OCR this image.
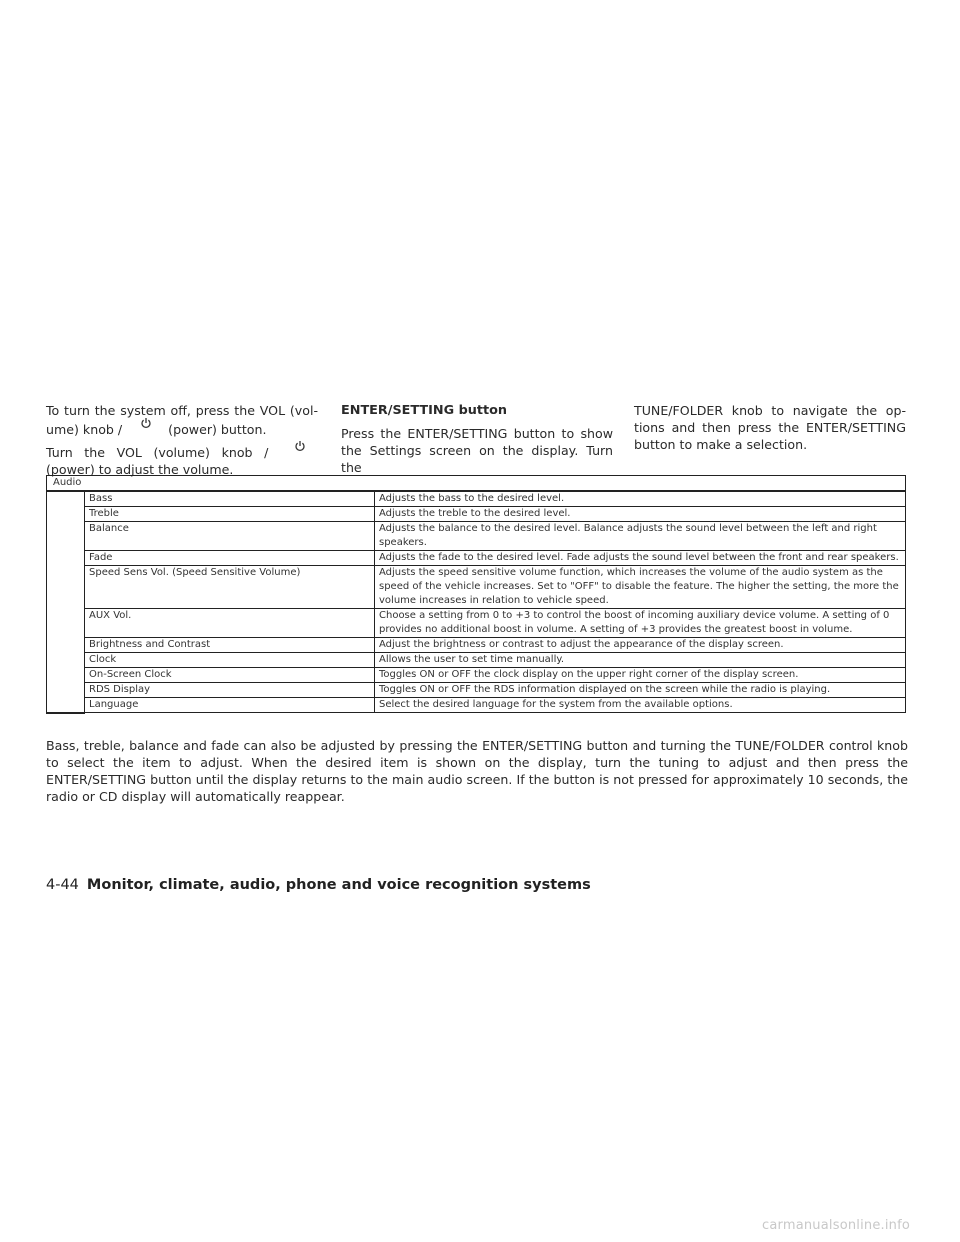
To turn the system off, press the VOL (vol- ume) knob /	(power) button.

Turn the VOL (volume) knob /
(power) to adjust the volume.

ENTER/SETTING button

Press the ENTER/SETTING button to show the Settings screen on the display. Turn the

TUNE/FOLDER knob to navigate the op- tions and then press the ENTER/SETTING button to make a selection.

Audio		
	Bass	Adjusts the bass to the desired level.
	Treble	Adjusts the treble to the desired level.
	Balance	Adjusts the balance to the desired level. Balance adjusts the sound level between the left and right speakers.
	Fade	Adjusts the fade to the desired level. Fade adjusts the sound level between the front and rear speakers.
	Speed Sens Vol. (Speed Sensitive Volume)	Adjusts the speed sensitive volume function, which increases the volume of the audio system as the speed of the vehicle increases. Set to "OFF" to disable the feature. The higher the setting, the more the volume increases in relation to vehicle speed.
	AUX Vol.	Choose a setting from 0 to +3 to control the boost of incoming auxiliary device volume. A setting of 0 provides no additional boost in volume. A setting of +3 provides the greatest boost in volume.
	Brightness and Contrast	Adjust the brightness or contrast to adjust the appearance of the display screen.
	Clock	Allows the user to set time manually.
	On-Screen Clock	Toggles ON or OFF the clock display on the upper right corner of the display screen.
	RDS Display	Toggles ON or OFF the RDS information displayed on the screen while the radio is playing.
	Language	Select the desired language for the system from the available options.

Bass, treble, balance and fade can also be adjusted by pressing the ENTER/SETTING button and turning the TUNE/FOLDER control knob to select the item to adjust. When the desired item is shown on the display, turn the tuning to adjust and then press the ENTER/SETTING button until the display returns to the main audio screen. If the button is not pressed for approximately 10 seconds, the radio or CD display will automatically reappear.

4-44 Monitor, climate, audio, phone and voice recognition systems
carmanualsonline.info
